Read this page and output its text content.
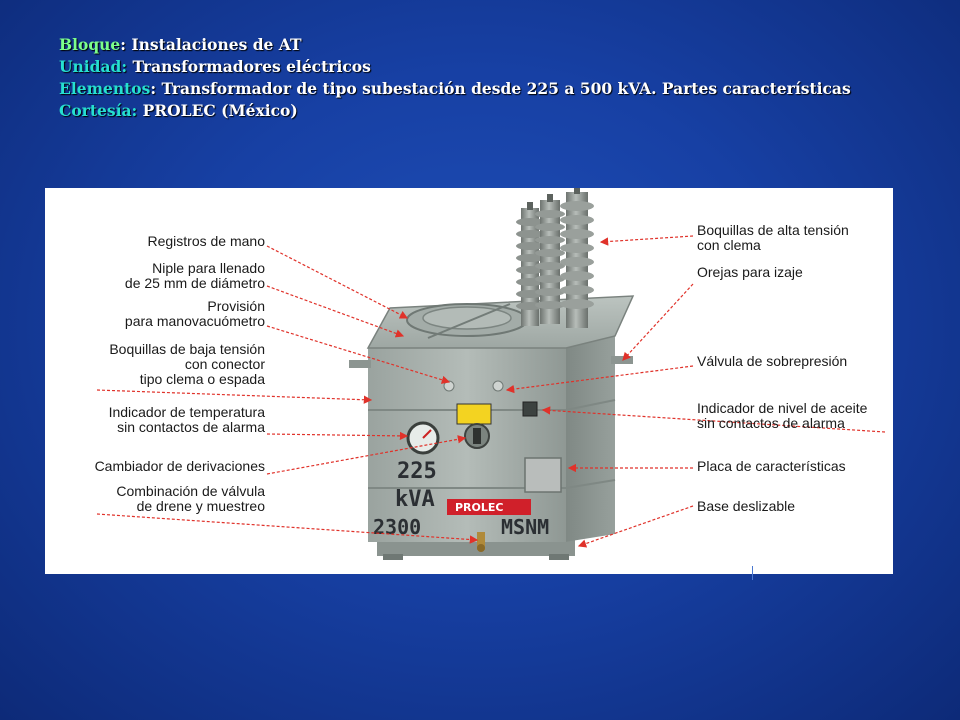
Bloque: Instalaciones de AT
Unidad: Transformadores eléctricos
Elementos: Transformador de tipo subestación desde 225 a 500 kVA. Partes características
Cortesía: PROLEC (México)
225
kVA
2300	MSNM
PROLEC
Registros de mano
Niple para llenado
de 25 mm de diámetro
Provisión
para manovacuómetro
Boquillas de baja tensión
con conector
tipo clema o espada
Indicador de temperatura
sin contactos de alarma
Cambiador de derivaciones
Combinación de válvula
de drene y muestreo
Boquillas de alta tensión
con clema
Orejas para izaje
Válvula de sobrepresión
Indicador de nivel de aceite
sin contactos de alarma
Placa de características
Base deslizable
